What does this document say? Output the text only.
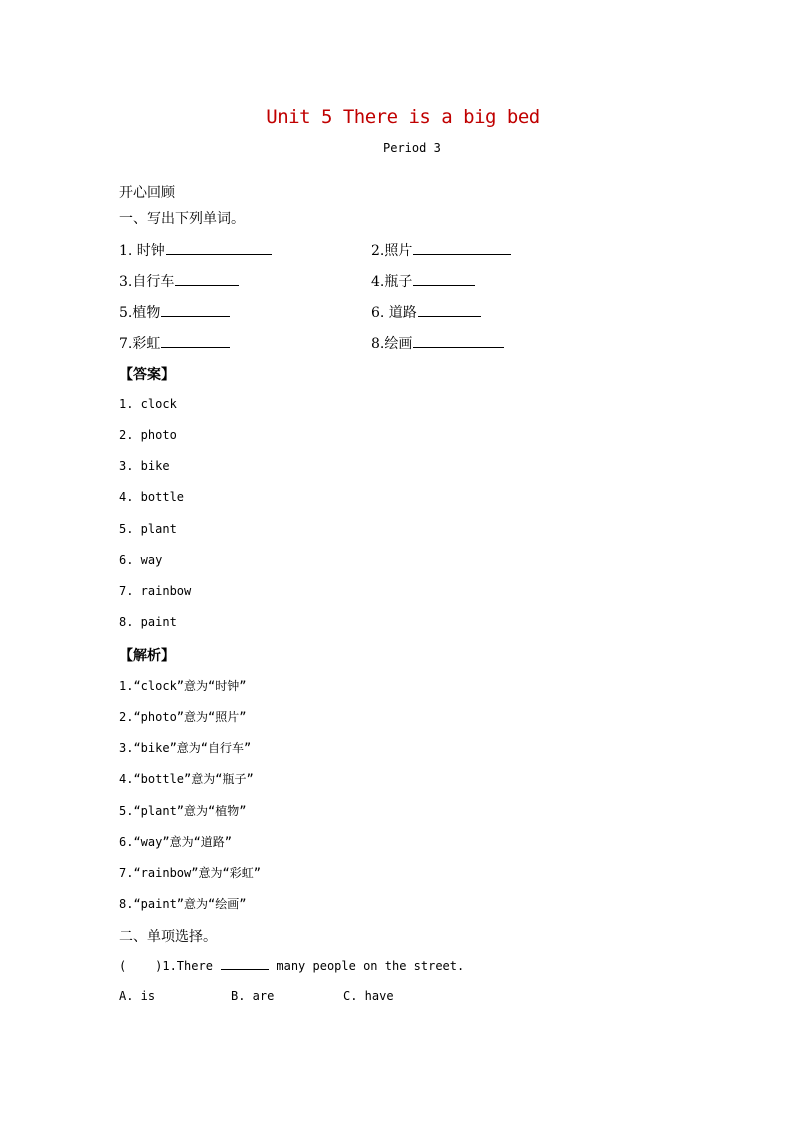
Unit 5 There is a big bed
Period 3
开心回顾
一、写出下列单词。
1. 时钟	2.照片
3.自行车	4.瓶子
5.植物	6. 道路
7.彩虹	8.绘画
【答案】
1. clock
2. photo
3. bike
4. bottle
5. plant
6. way
7. rainbow
8. paint
【解析】
1.“clock”意为“时钟”
2.“photo”意为“照片”
3.“bike”意为“自行车”
4.“bottle”意为“瓶子”
5.“plant”意为“植物”
6.“way”意为“道路”
7.“rainbow”意为“彩虹”
8.“paint”意为“绘画”
二、单项选择。
(    )1.There	many people on the street.
A. is	B. are	C. have
